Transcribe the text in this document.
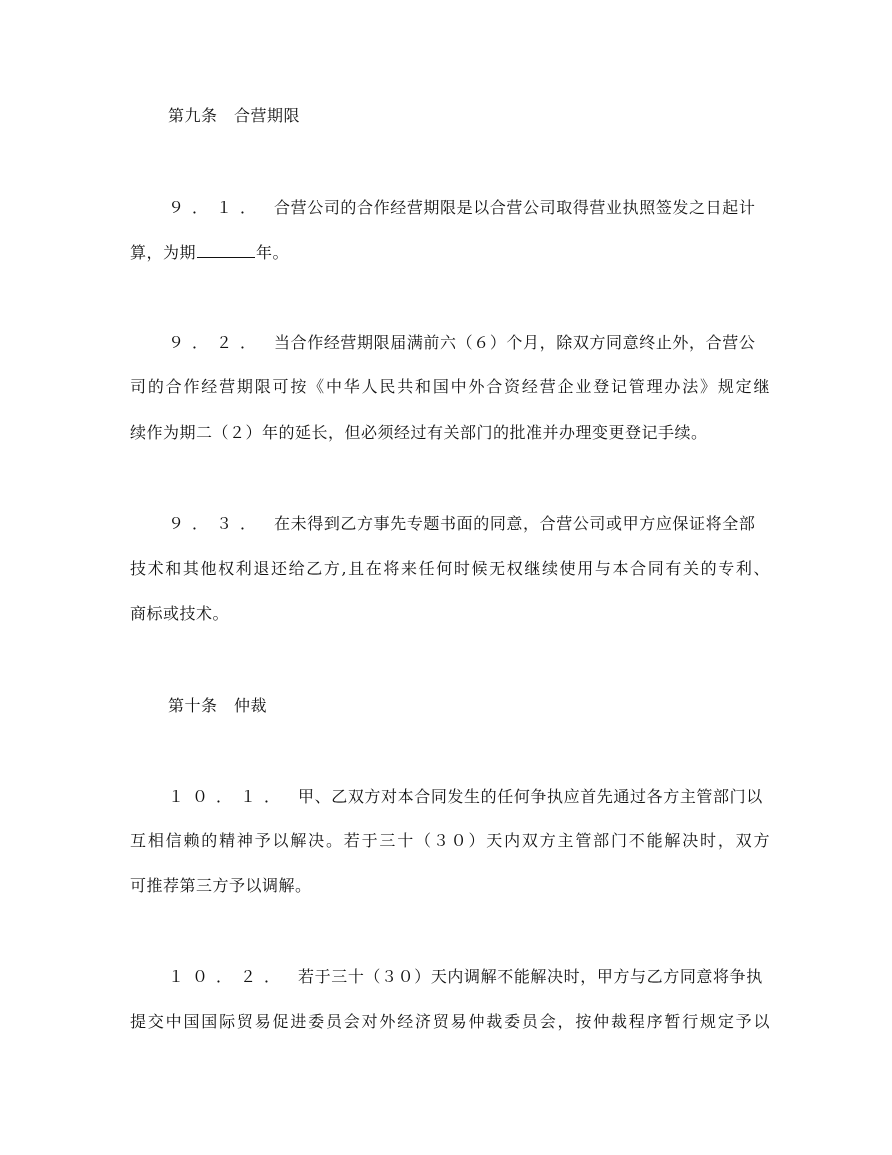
第九条　合营期限
９．１． 合营公司的合作经营期限是以合营公司取得营业执照签发之日起计
算，为期	年。
９．２． 当合作经营期限届满前六（６）个月，除双方同意终止外，合营公
司的合作经营期限可按《中华人民共和国中外合资经营企业登记管理办法》规定继
续作为期二（２）年的延长，但必须经过有关部门的批准并办理变更登记手续。
９．３． 在未得到乙方事先专题书面的同意，合营公司或甲方应保证将全部
技术和其他权利退还给乙方,且在将来任何时候无权继续使用与本合同有关的专利、
商标或技术。
第十条　仲裁
１０．１． 甲、乙双方对本合同发生的任何争执应首先通过各方主管部门以
互相信赖的精神予以解决。若于三十（３０）天内双方主管部门不能解决时，双方
可推荐第三方予以调解。
１０．２． 若于三十（３０）天内调解不能解决时，甲方与乙方同意将争执
提交中国国际贸易促进委员会对外经济贸易仲裁委员会，按仲裁程序暂行规定予以
